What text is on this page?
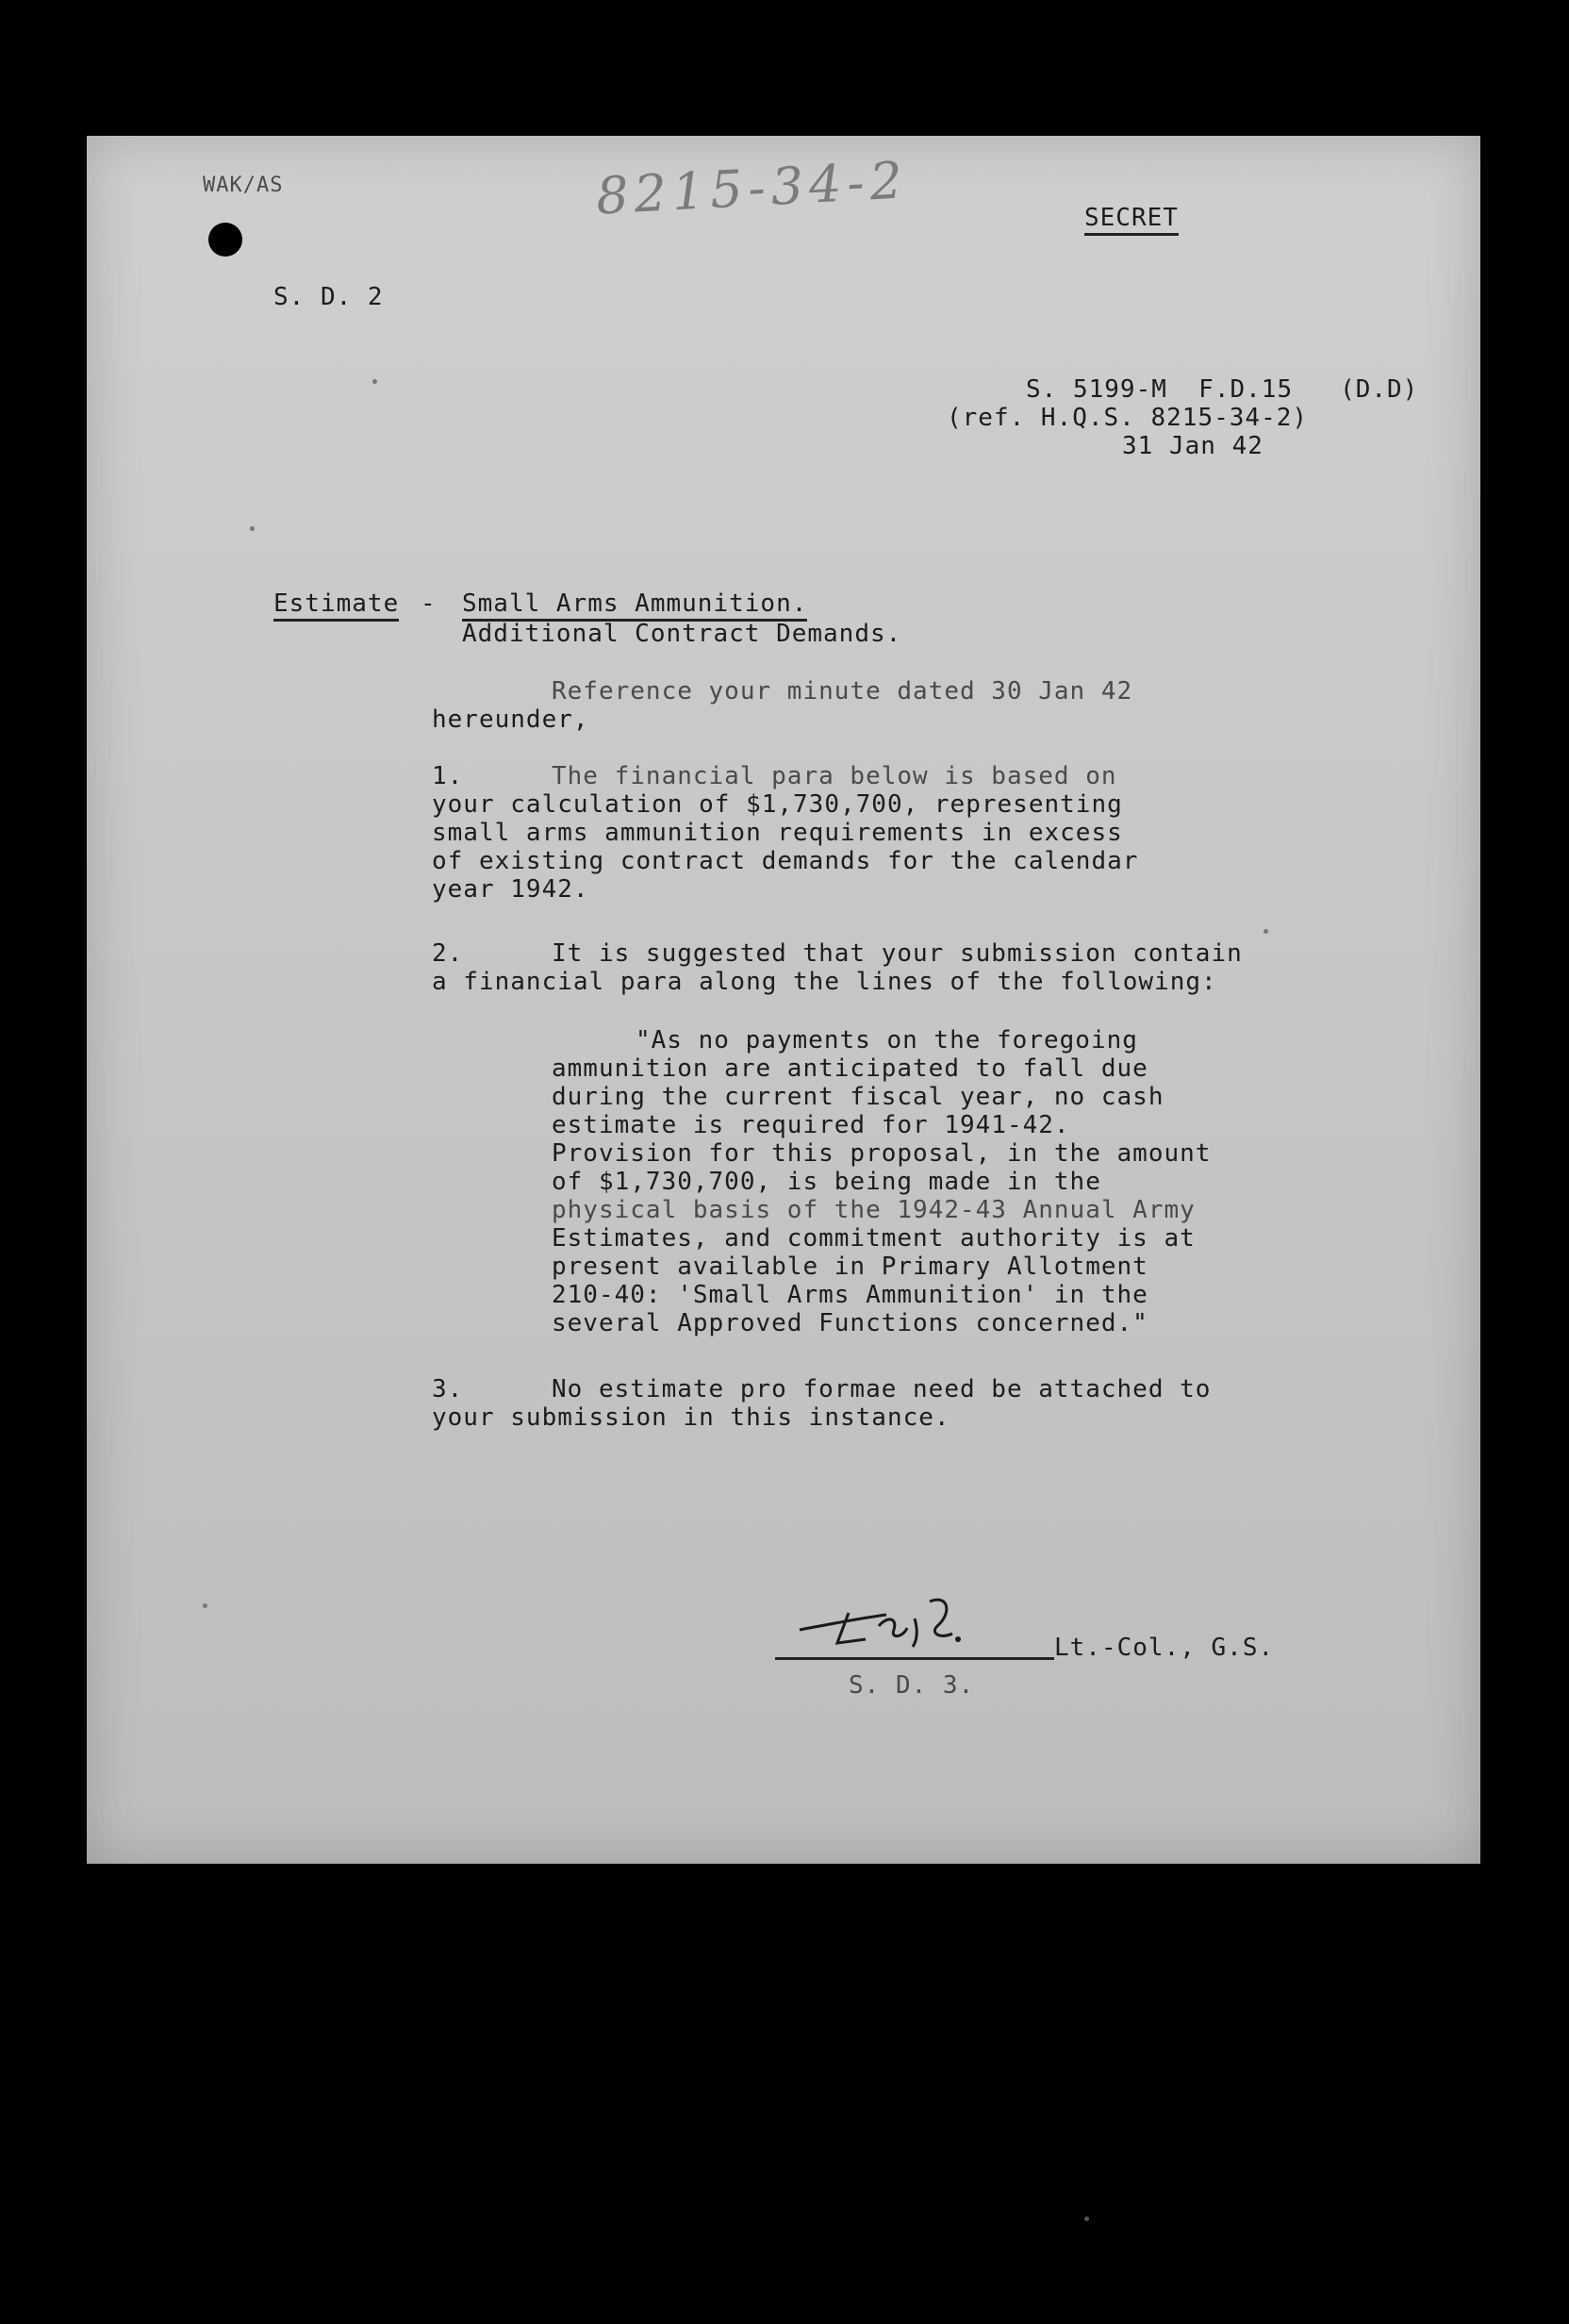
WAK/AS	8215-34-2	SECRET
S. D. 2
S. 5199-M  F.D.15   (D.D)
(ref. H.Q.S. 8215-34-2)
31 Jan 42
Estimate - Small Arms Ammunition.
Additional Contract Demands.
Reference your minute dated 30 Jan 42
hereunder,
1.	The financial para below is based on
your calculation of $1,730,700, representing
small arms ammunition requirements in excess
of existing contract demands for the calendar
year 1942.
2.	It is suggested that your submission contain
a financial para along the lines of the following:
"As no payments on the foregoing
ammunition are anticipated to fall due
during the current fiscal year, no cash
estimate is required for 1941-42.
Provision for this proposal, in the amount
of $1,730,700, is being made in the
physical basis of the 1942-43 Annual Army
Estimates, and commitment authority is at
present available in Primary Allotment
210-40: 'Small Arms Ammunition' in the
several Approved Functions concerned."
3.	No estimate pro formae need be attached to
your submission in this instance.
Lt.-Col., G.S.
S. D. 3.
